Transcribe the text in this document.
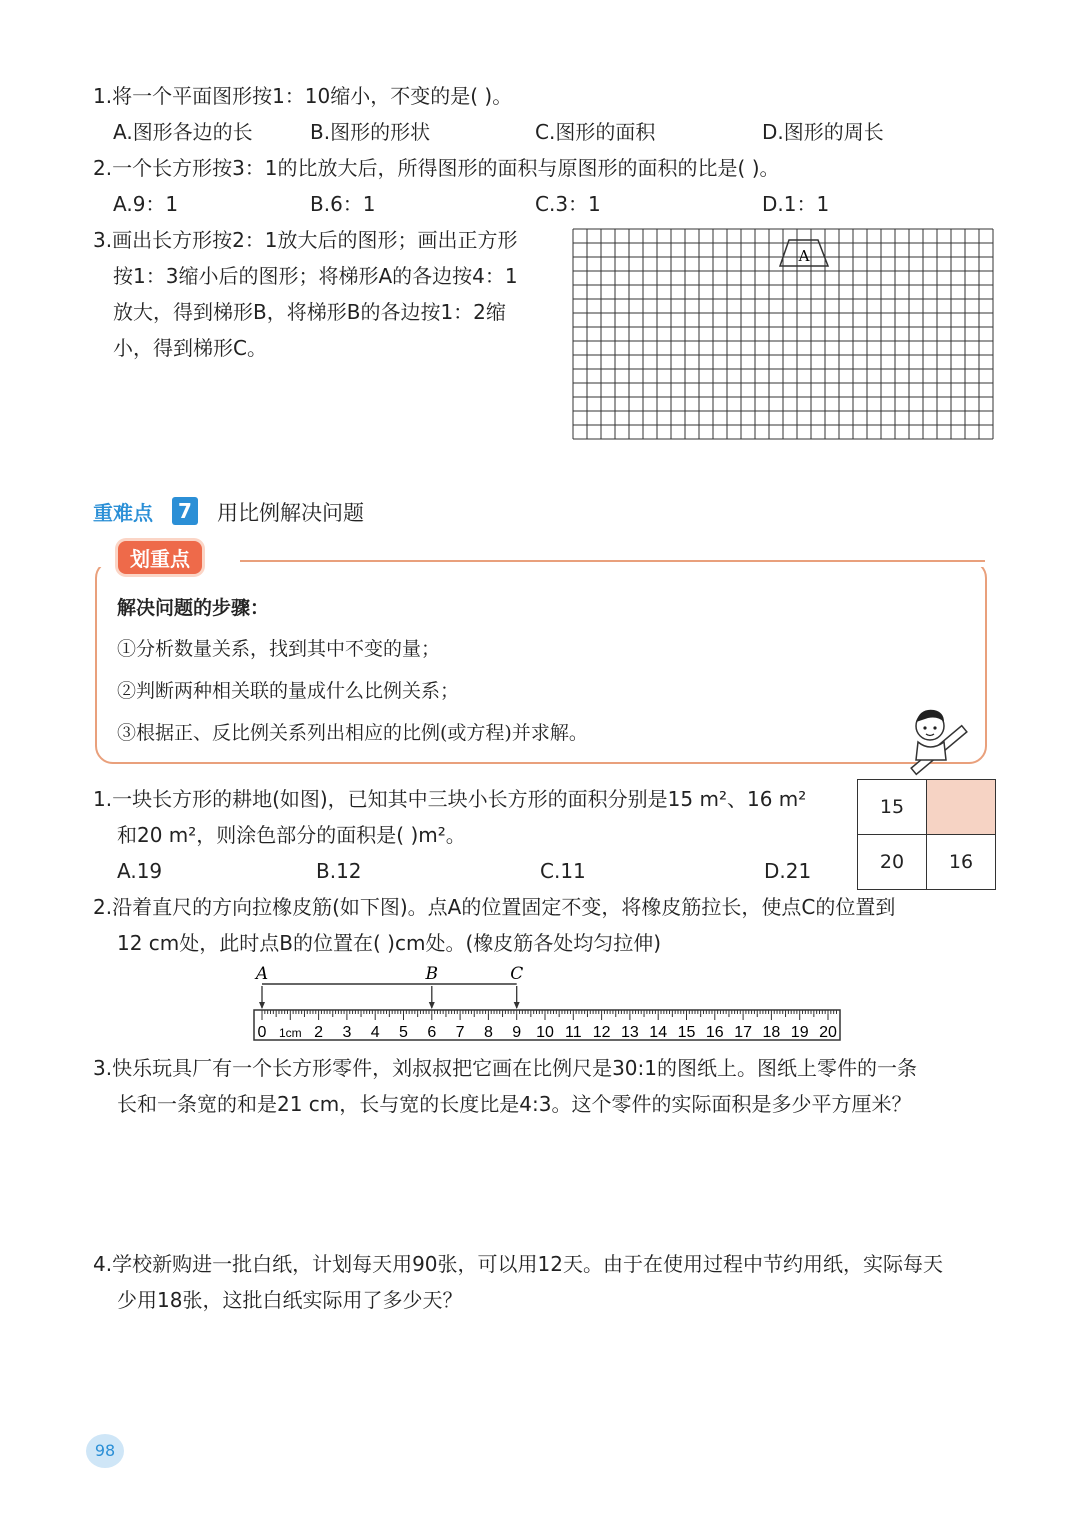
1.将一个平面图形按1：10缩小，不变的是( )。
A.图形各边的长	B.图形的形状	C.图形的面积	D.图形的周长
2.一个长方形按3：1的比放大后，所得图形的面积与原图形的面积的比是( )。
A.9：1	B.6：1	C.3：1	D.1：1
3.画出长方形按2：1放大后的图形；画出正方形
按1：3缩小后的图形；将梯形A的各边按4：1
放大，得到梯形B，将梯形B的各边按1：2缩
小，得到梯形C。
A
重难点	7 用比例解决问题
划重点
解决问题的步骤：
①分析数量关系，找到其中不变的量；
②判断两种相关联的量成什么比例关系；
③根据正、反比例关系列出相应的比例(或方程)并求解。
1.一块长方形的耕地(如图)，已知其中三块小长方形的面积分别是15 m²、16 m²
和20 m²，则涂色部分的面积是( )m²。
A.19	B.12	C.11	D.21
15	
20	16
2.沿着直尺的方向拉橡皮筋(如下图)。点A的位置固定不变，将橡皮筋拉长，使点C的位置到
12 cm处，此时点B的位置在( )cm处。(橡皮筋各处均匀拉伸)
A	B	C
0 1cm 2 3 4 5 6 7 8 9 10 11 12 13 14 15 16 17 18 19 20
3.快乐玩具厂有一个长方形零件，刘叔叔把它画在比例尺是30:1的图纸上。图纸上零件的一条
长和一条宽的和是21 cm，长与宽的长度比是4:3。这个零件的实际面积是多少平方厘米？
4.学校新购进一批白纸，计划每天用90张，可以用12天。由于在使用过程中节约用纸，实际每天
少用18张，这批白纸实际用了多少天？
98
